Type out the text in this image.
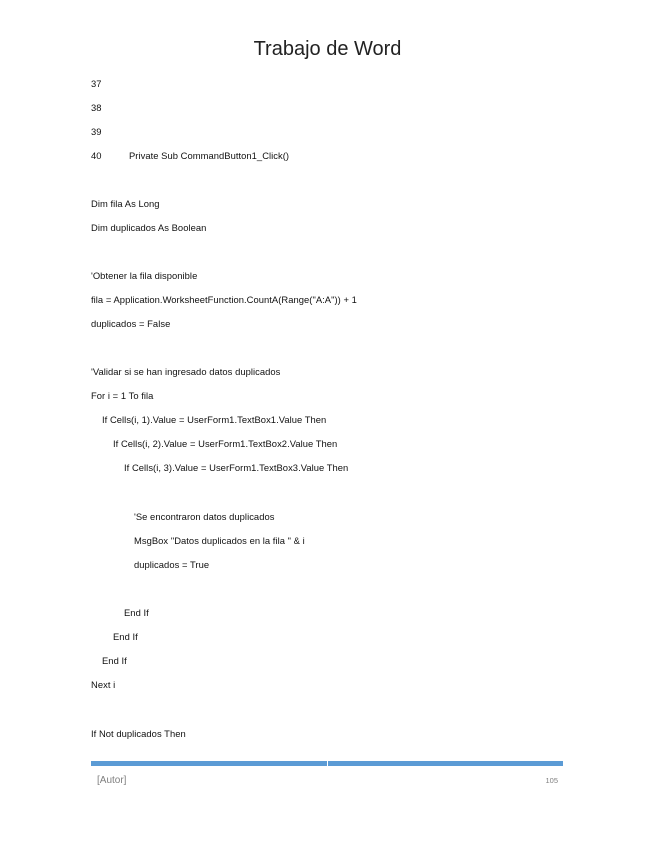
Trabajo de Word
37
38
39
40	Private Sub CommandButton1_Click()
Dim fila As Long
Dim duplicados As Boolean
'Obtener la fila disponible
fila = Application.WorksheetFunction.CountA(Range("A:A")) + 1
duplicados = False
'Validar si se han ingresado datos duplicados
For i = 1 To fila
If Cells(i, 1).Value = UserForm1.TextBox1.Value Then
If Cells(i, 2).Value = UserForm1.TextBox2.Value Then
If Cells(i, 3).Value = UserForm1.TextBox3.Value Then
'Se encontraron datos duplicados
MsgBox "Datos duplicados en la fila " & i
duplicados = True
End If
End If
End If
Next i
If Not duplicados Then
[Autor]	105
